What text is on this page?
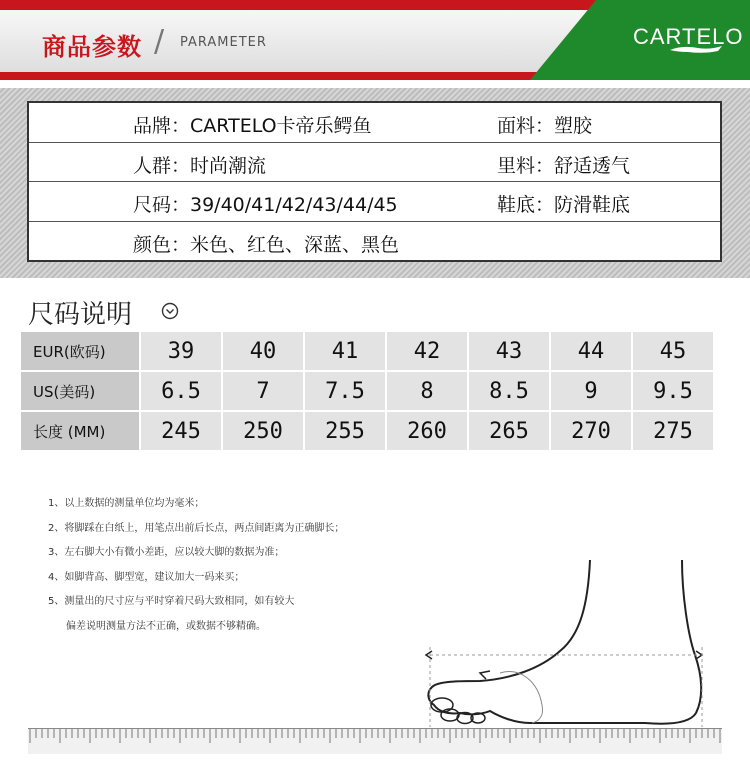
商品参数 / PARAMETER	CARTELO
品牌：CARTELO卡帝乐鳄鱼	面料：塑胶
人群：时尚潮流	里料：舒适透气
尺码：39/40/41/42/43/44/45	鞋底：防滑鞋底
颜色：米色、红色、深蓝、黑色
尺码说明
EUR(欧码)	39	40	41	42	43	44	45
US(美码)	6.5	7	7.5	8	8.5	9	9.5
长度 (MM)	245	250	255	260	265	270	275
1、以上数据的测量单位均为毫米；
2、将脚踩在白纸上，用笔点出前后长点，两点间距离为正确脚长；
3、左右脚大小有微小差距，应以较大脚的数据为准；
4、如脚背高、脚型宽，建议加大一码来买；
5、测量出的尺寸应与平时穿着尺码大致相同，如有较大
偏差说明测量方法不正确，或数据不够精确。
